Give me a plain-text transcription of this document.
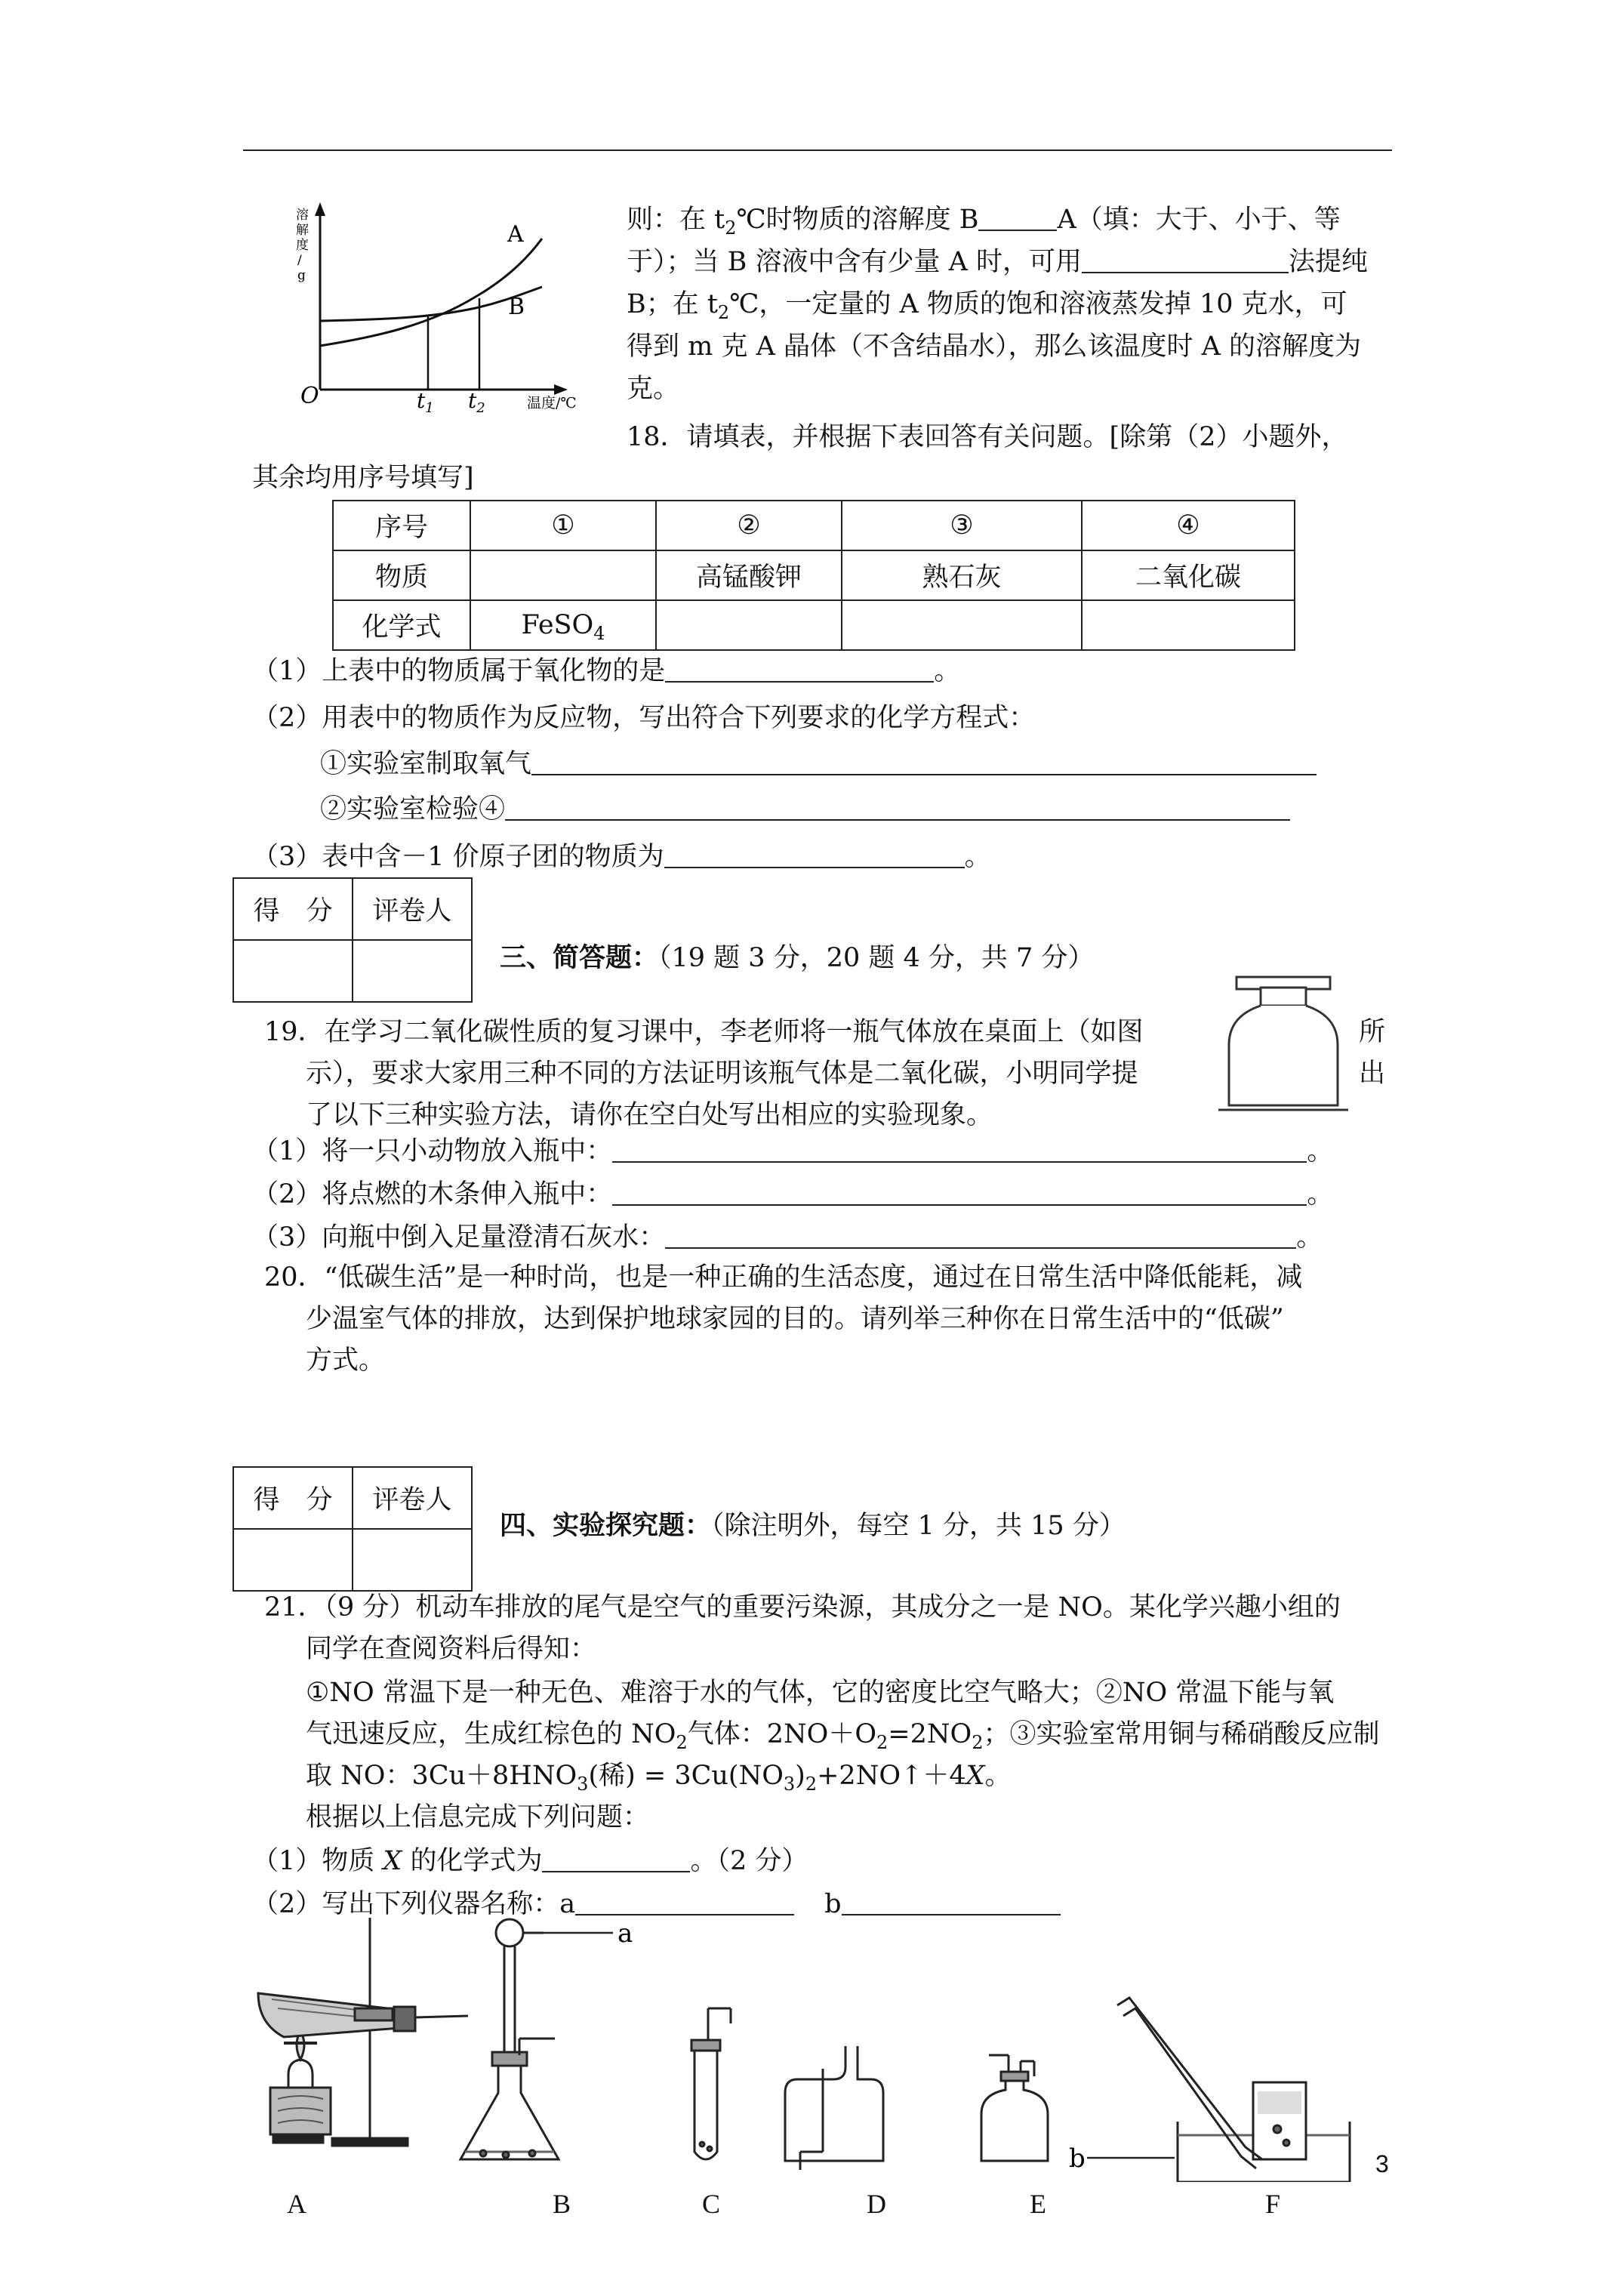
溶
解
度
/
g
A
B
O	$t_1$ $t_2$	温度/℃
则：在 $t_2℃$时物质的溶解度 B	A（填：大于、小于、等
于）；当 B 溶液中含有少量 A 时，可用	法提纯
B；在 $t_2℃$，一定量的 A 物质的饱和溶液蒸发掉 10 克水，可
得到 m 克 A 晶体（不含结晶水），那么该温度时 A 的溶解度为
克。
18．请填表，并根据下表回答有关问题。[除第（2）小题外，
其余均用序号填写]
序号	①	②	③	④
物质		高锰酸钾	熟石灰	二氧化碳
化学式	FeSO$_4$			
（1）上表中的物质属于氧化物的是	。
（2）用表中的物质作为反应物，写出符合下列要求的化学方程式：
①实验室制取氧气
②实验室检验④
（3）表中含－1 价原子团的物质为	。
得　分	评卷人

三、简答题：（19 题 3 分，20 题 4 分，共 7 分）
19．在学习二氧化碳性质的复习课中，李老师将一瓶气体放在桌面上（如图	所
示），要求大家用三种不同的方法证明该瓶气体是二氧化碳，小明同学提	出
了以下三种实验方法，请你在空白处写出相应的实验现象。
（1）将一只小动物放入瓶中：	。
（2）将点燃的木条伸入瓶中：	。
（3）向瓶中倒入足量澄清石灰水：	。
20．“低碳生活”是一种时尚，也是一种正确的生活态度，通过在日常生活中降低能耗，减
少温室气体的排放，达到保护地球家园的目的。请列举三种你在日常生活中的“低碳”
方式。
得　分	评卷人

四、实验探究题：（除注明外，每空 1 分，共 15 分）
21．（9 分）机动车排放的尾气是空气的重要污染源，其成分之一是 NO。某化学兴趣小组的
同学在查阅资料后得知：
①NO 常温下是一种无色、难溶于水的气体，它的密度比空气略大；②NO 常温下能与氧
气迅速反应，生成红棕色的 $NO_2$气体：$2NO+O_2=2NO_2$；③实验室常用铜与稀硝酸反应制
取 NO：$3Cu+8HNO_3$(稀) = $3Cu(NO_3)_2+2NO↑+4X$。
根据以上信息完成下列问题：
（1）物质 X 的化学式为	。（2 分）
（2）写出下列仪器名称：a	b
a
b
A	B	C	D	E	F
3
